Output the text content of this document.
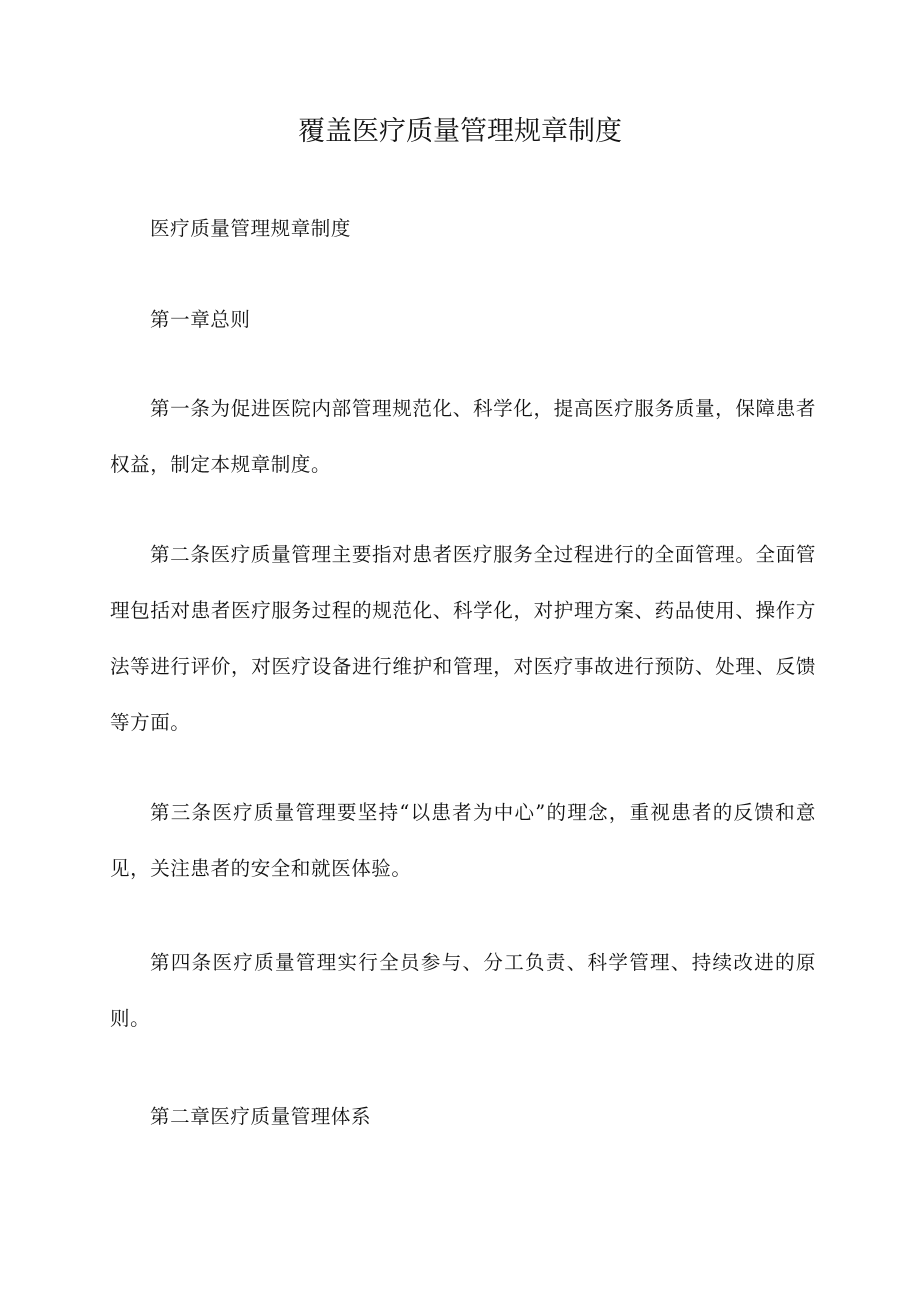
覆盖医疗质量管理规章制度

医疗质量管理规章制度

第一章总则

第一条为促进医院内部管理规范化、科学化，提高医疗服务质量，保障患者权益，制定本规章制度。

第二条医疗质量管理主要指对患者医疗服务全过程进行的全面管理。全面管理包括对患者医疗服务过程的规范化、科学化，对护理方案、药品使用、操作方法等进行评价，对医疗设备进行维护和管理，对医疗事故进行预防、处理、反馈等方面。

第三条医疗质量管理要坚持“以患者为中心”的理念，重视患者的反馈和意见，关注患者的安全和就医体验。

第四条医疗质量管理实行全员参与、分工负责、科学管理、持续改进的原则。

第二章医疗质量管理体系
